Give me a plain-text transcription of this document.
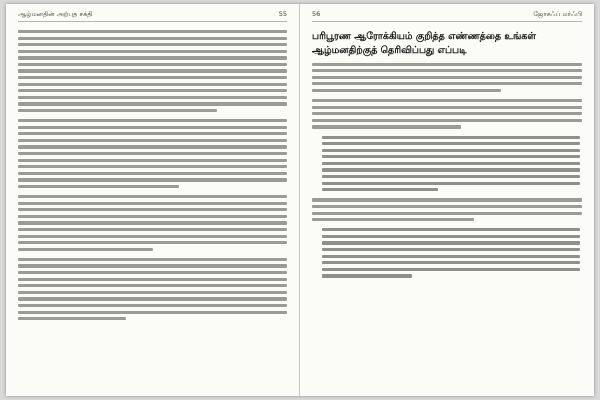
ஆழ்மனதின் அற்புத சக்தி	55	56	ஜோசஃப் மர்ஃபி
பரிபூரண ஆரோக்கியம் குறித்த எண்ணத்தை உங்கள் ஆழ்மனதிற்குத் தெரிவிப்பது எப்படி
